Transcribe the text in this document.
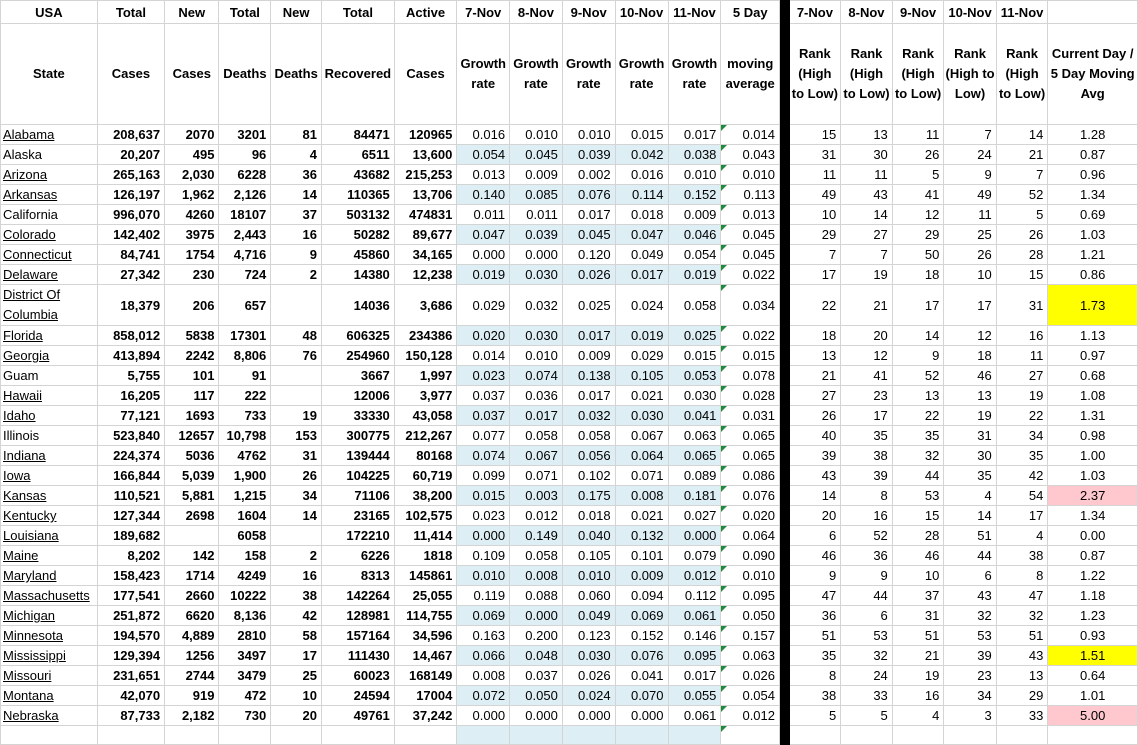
USA	Total	New	Total	New	Total	Active	7-Nov	8-Nov	9-Nov	10-Nov	11-Nov	5 Day		7-Nov	8-Nov	9-Nov	10-Nov	11-Nov	
State	Cases	Cases	Deaths	Deaths	Recovered	Cases	Growth rate	Growth rate	Growth rate	Growth rate	Growth rate	moving average		Rank (High to Low)	Rank (High to Low)	Rank (High to Low)	Rank (High to Low)	Rank (High to Low)	Current Day / 5 Day Moving Avg
Alabama	208,637	2070	3201	81	84471	120965	0.016	0.010	0.010	0.015	0.017	0.014		15	13	11	7	14	1.28
Alaska	20,207	495	96	4	6511	13,600	0.054	0.045	0.039	0.042	0.038	0.043		31	30	26	24	21	0.87
Arizona	265,163	2,030	6228	36	43682	215,253	0.013	0.009	0.002	0.016	0.010	0.010		11	11	5	9	7	0.96
Arkansas	126,197	1,962	2,126	14	110365	13,706	0.140	0.085	0.076	0.114	0.152	0.113		49	43	41	49	52	1.34
California	996,070	4260	18107	37	503132	474831	0.011	0.011	0.017	0.018	0.009	0.013		10	14	12	11	5	0.69
Colorado	142,402	3975	2,443	16	50282	89,677	0.047	0.039	0.045	0.047	0.046	0.045		29	27	29	25	26	1.03
Connecticut	84,741	1754	4,716	9	45860	34,165	0.000	0.000	0.120	0.049	0.054	0.045		7	7	50	26	28	1.21
Delaware	27,342	230	724	2	14380	12,238	0.019	0.030	0.026	0.017	0.019	0.022		17	19	18	10	15	0.86
District Of Columbia	18,379	206	657		14036	3,686	0.029	0.032	0.025	0.024	0.058	0.034		22	21	17	17	31	1.73
Florida	858,012	5838	17301	48	606325	234386	0.020	0.030	0.017	0.019	0.025	0.022		18	20	14	12	16	1.13
Georgia	413,894	2242	8,806	76	254960	150,128	0.014	0.010	0.009	0.029	0.015	0.015		13	12	9	18	11	0.97
Guam	5,755	101	91		3667	1,997	0.023	0.074	0.138	0.105	0.053	0.078		21	41	52	46	27	0.68
Hawaii	16,205	117	222		12006	3,977	0.037	0.036	0.017	0.021	0.030	0.028		27	23	13	13	19	1.08
Idaho	77,121	1693	733	19	33330	43,058	0.037	0.017	0.032	0.030	0.041	0.031		26	17	22	19	22	1.31
Illinois	523,840	12657	10,798	153	300775	212,267	0.077	0.058	0.058	0.067	0.063	0.065		40	35	35	31	34	0.98
Indiana	224,374	5036	4762	31	139444	80168	0.074	0.067	0.056	0.064	0.065	0.065		39	38	32	30	35	1.00
Iowa	166,844	5,039	1,900	26	104225	60,719	0.099	0.071	0.102	0.071	0.089	0.086		43	39	44	35	42	1.03
Kansas	110,521	5,881	1,215	34	71106	38,200	0.015	0.003	0.175	0.008	0.181	0.076		14	8	53	4	54	2.37
Kentucky	127,344	2698	1604	14	23165	102,575	0.023	0.012	0.018	0.021	0.027	0.020		20	16	15	14	17	1.34
Louisiana	189,682		6058		172210	11,414	0.000	0.149	0.040	0.132	0.000	0.064		6	52	28	51	4	0.00
Maine	8,202	142	158	2	6226	1818	0.109	0.058	0.105	0.101	0.079	0.090		46	36	46	44	38	0.87
Maryland	158,423	1714	4249	16	8313	145861	0.010	0.008	0.010	0.009	0.012	0.010		9	9	10	6	8	1.22
Massachusetts	177,541	2660	10222	38	142264	25,055	0.119	0.088	0.060	0.094	0.112	0.095		47	44	37	43	47	1.18
Michigan	251,872	6620	8,136	42	128981	114,755	0.069	0.000	0.049	0.069	0.061	0.050		36	6	31	32	32	1.23
Minnesota	194,570	4,889	2810	58	157164	34,596	0.163	0.200	0.123	0.152	0.146	0.157		51	53	51	53	51	0.93
Mississippi	129,394	1256	3497	17	111430	14,467	0.066	0.048	0.030	0.076	0.095	0.063		35	32	21	39	43	1.51
Missouri	231,651	2744	3479	25	60023	168149	0.008	0.037	0.026	0.041	0.017	0.026		8	24	19	23	13	0.64
Montana	42,070	919	472	10	24594	17004	0.072	0.050	0.024	0.070	0.055	0.054		38	33	16	34	29	1.01
Nebraska	87,733	2,182	730	20	49761	37,242	0.000	0.000	0.000	0.000	0.061	0.012		5	5	4	3	33	5.00
